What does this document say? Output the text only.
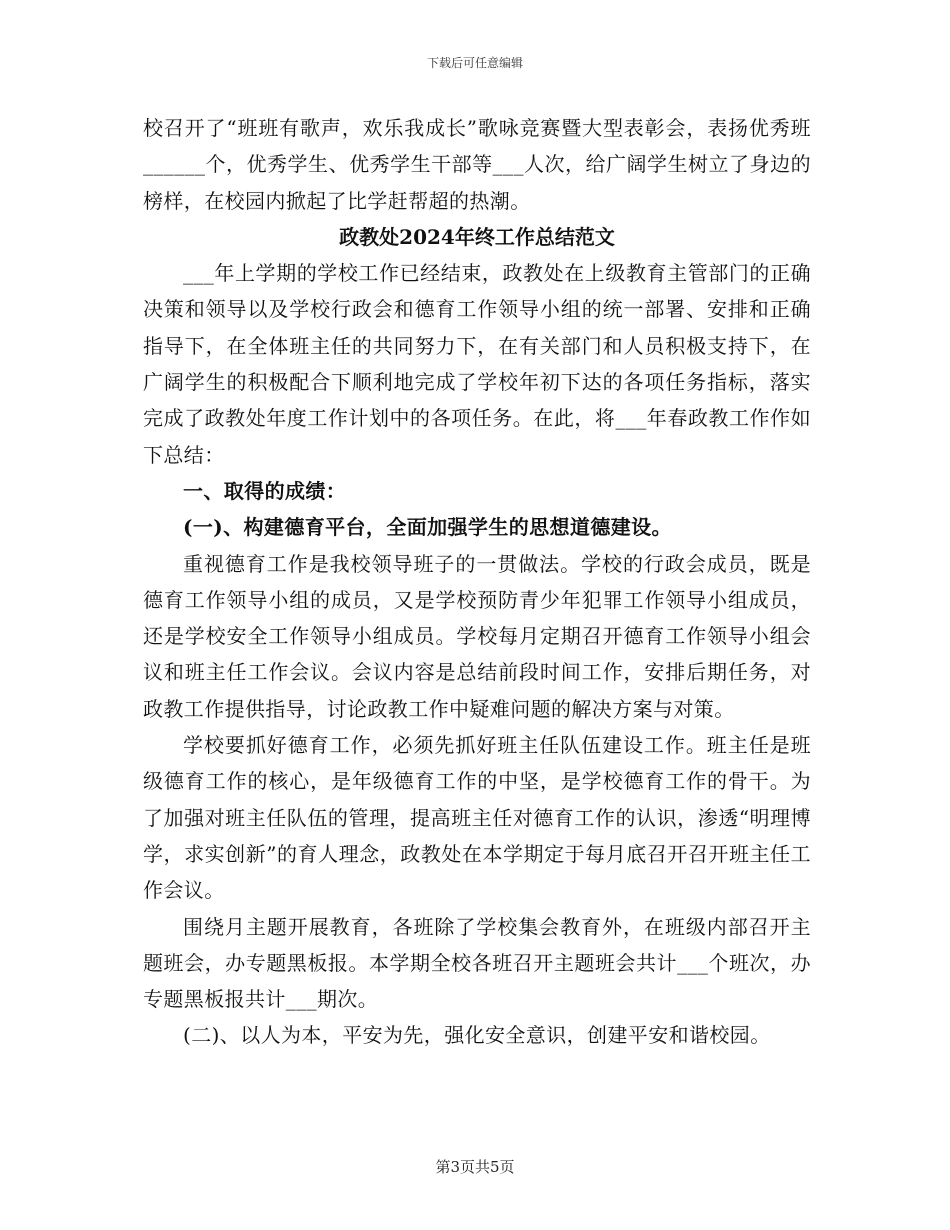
下载后可任意编辑

校召开了“班班有歌声，欢乐我成长”歌咏竞赛暨大型表彰会，表扬优秀班______个，优秀学生、优秀学生干部等___人次，给广阔学生树立了身边的榜样，在校园内掀起了比学赶帮超的热潮。

政教处2024年终工作总结范文

___年上学期的学校工作已经结束，政教处在上级教育主管部门的正确决策和领导以及学校行政会和德育工作领导小组的统一部署、安排和正确指导下，在全体班主任的共同努力下，在有关部门和人员积极支持下，在广阔学生的积极配合下顺利地完成了学校年初下达的各项任务指标，落实完成了政教处年度工作计划中的各项任务。在此，将___年春政教工作作如下总结：

一、取得的成绩：

(一)、构建德育平台，全面加强学生的思想道德建设。

重视德育工作是我校领导班子的一贯做法。学校的行政会成员，既是德育工作领导小组的成员，又是学校预防青少年犯罪工作领导小组成员，还是学校安全工作领导小组成员。学校每月定期召开德育工作领导小组会议和班主任工作会议。会议内容是总结前段时间工作，安排后期任务，对政教工作提供指导，讨论政教工作中疑难问题的解决方案与对策。

学校要抓好德育工作，必须先抓好班主任队伍建设工作。班主任是班级德育工作的核心，是年级德育工作的中坚，是学校德育工作的骨干。为了加强对班主任队伍的管理，提高班主任对德育工作的认识，渗透“明理博学，求实创新”的育人理念，政教处在本学期定于每月底召开召开班主任工作会议。

围绕月主题开展教育，各班除了学校集会教育外，在班级内部召开主题班会，办专题黑板报。本学期全校各班召开主题班会共计___个班次，办专题黑板报共计___期次。

(二)、以人为本，平安为先，强化安全意识，创建平安和谐校园。

第3页共5页
